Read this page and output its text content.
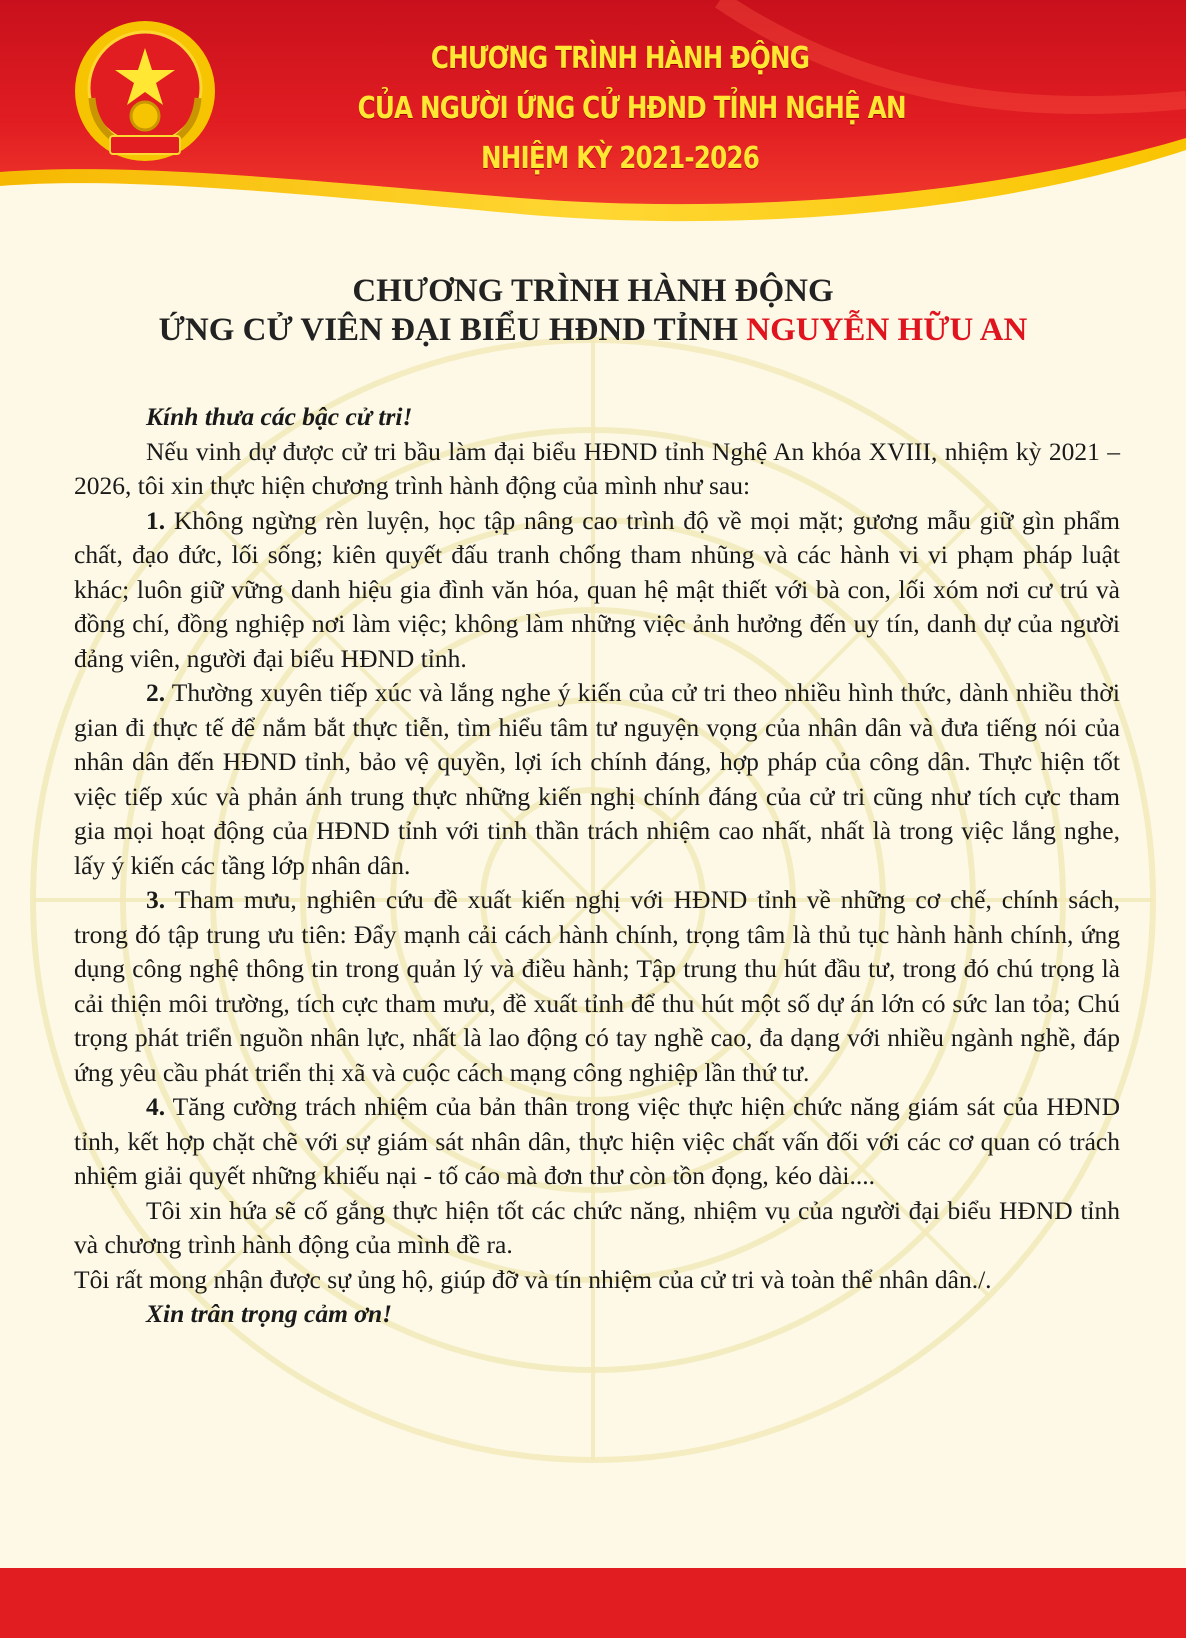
CHƯƠNG TRÌNH HÀNH ĐỘNG
CỦA NGƯỜI ỨNG CỬ HĐND TỈNH NGHỆ AN
NHIỆM KỲ 2021-2026
CHƯƠNG TRÌNH HÀNH ĐỘNG
ỨNG CỬ VIÊN ĐẠI BIỂU HĐND TỈNH NGUYỄN HỮU AN

Kính thưa các bậc cử tri!

Nếu vinh dự được cử tri bầu làm đại biểu HĐND tỉnh Nghệ An khóa XVIII, nhiệm kỳ 2021 – 2026, tôi xin thực hiện chương trình hành động của mình như sau:

1. Không ngừng rèn luyện, học tập nâng cao trình độ về mọi mặt; gương mẫu giữ gìn phẩm chất, đạo đức, lối sống; kiên quyết đấu tranh chống tham nhũng và các hành vi vi phạm pháp luật khác; luôn giữ vững danh hiệu gia đình văn hóa, quan hệ mật thiết với bà con, lối xóm nơi cư trú và đồng chí, đồng nghiệp nơi làm việc; không làm những việc ảnh hưởng đến uy tín, danh dự của người đảng viên, người đại biểu HĐND tỉnh.

2. Thường xuyên tiếp xúc và lắng nghe ý kiến của cử tri theo nhiều hình thức, dành nhiều thời gian đi thực tế để nắm bắt thực tiễn, tìm hiểu tâm tư nguyện vọng của nhân dân và đưa tiếng nói của nhân dân đến HĐND tỉnh, bảo vệ quyền, lợi ích chính đáng, hợp pháp của công dân. Thực hiện tốt việc tiếp xúc và phản ánh trung thực những kiến nghị chính đáng của cử tri cũng như tích cực tham gia mọi hoạt động của HĐND tỉnh với tinh thần trách nhiệm cao nhất, nhất là trong việc lắng nghe, lấy ý kiến các tầng lớp nhân dân.

3. Tham mưu, nghiên cứu đề xuất kiến nghị với HĐND tỉnh về những cơ chế, chính sách, trong đó tập trung ưu tiên: Đẩy mạnh cải cách hành chính, trọng tâm là thủ tục hành hành chính, ứng dụng công nghệ thông tin trong quản lý và điều hành; Tập trung thu hút đầu tư, trong đó chú trọng là cải thiện môi trường, tích cực tham mưu, đề xuất tỉnh để thu hút một số dự án lớn có sức lan tỏa; Chú trọng phát triển nguồn nhân lực, nhất là lao động có tay nghề cao, đa dạng với nhiều ngành nghề, đáp ứng yêu cầu phát triển thị xã và cuộc cách mạng công nghiệp lần thứ tư.

4. Tăng cường trách nhiệm của bản thân trong việc thực hiện chức năng giám sát của HĐND tỉnh, kết hợp chặt chẽ với sự giám sát nhân dân, thực hiện việc chất vấn đối với các cơ quan có trách nhiệm giải quyết những khiếu nại - tố cáo mà đơn thư còn tồn đọng, kéo dài....

Tôi xin hứa sẽ cố gắng thực hiện tốt các chức năng, nhiệm vụ của người đại biểu HĐND tỉnh và chương trình hành động của mình đề ra.

Tôi rất mong nhận được sự ủng hộ, giúp đỡ và tín nhiệm của cử tri và toàn thể nhân dân./.

Xin trân trọng cảm ơn!
